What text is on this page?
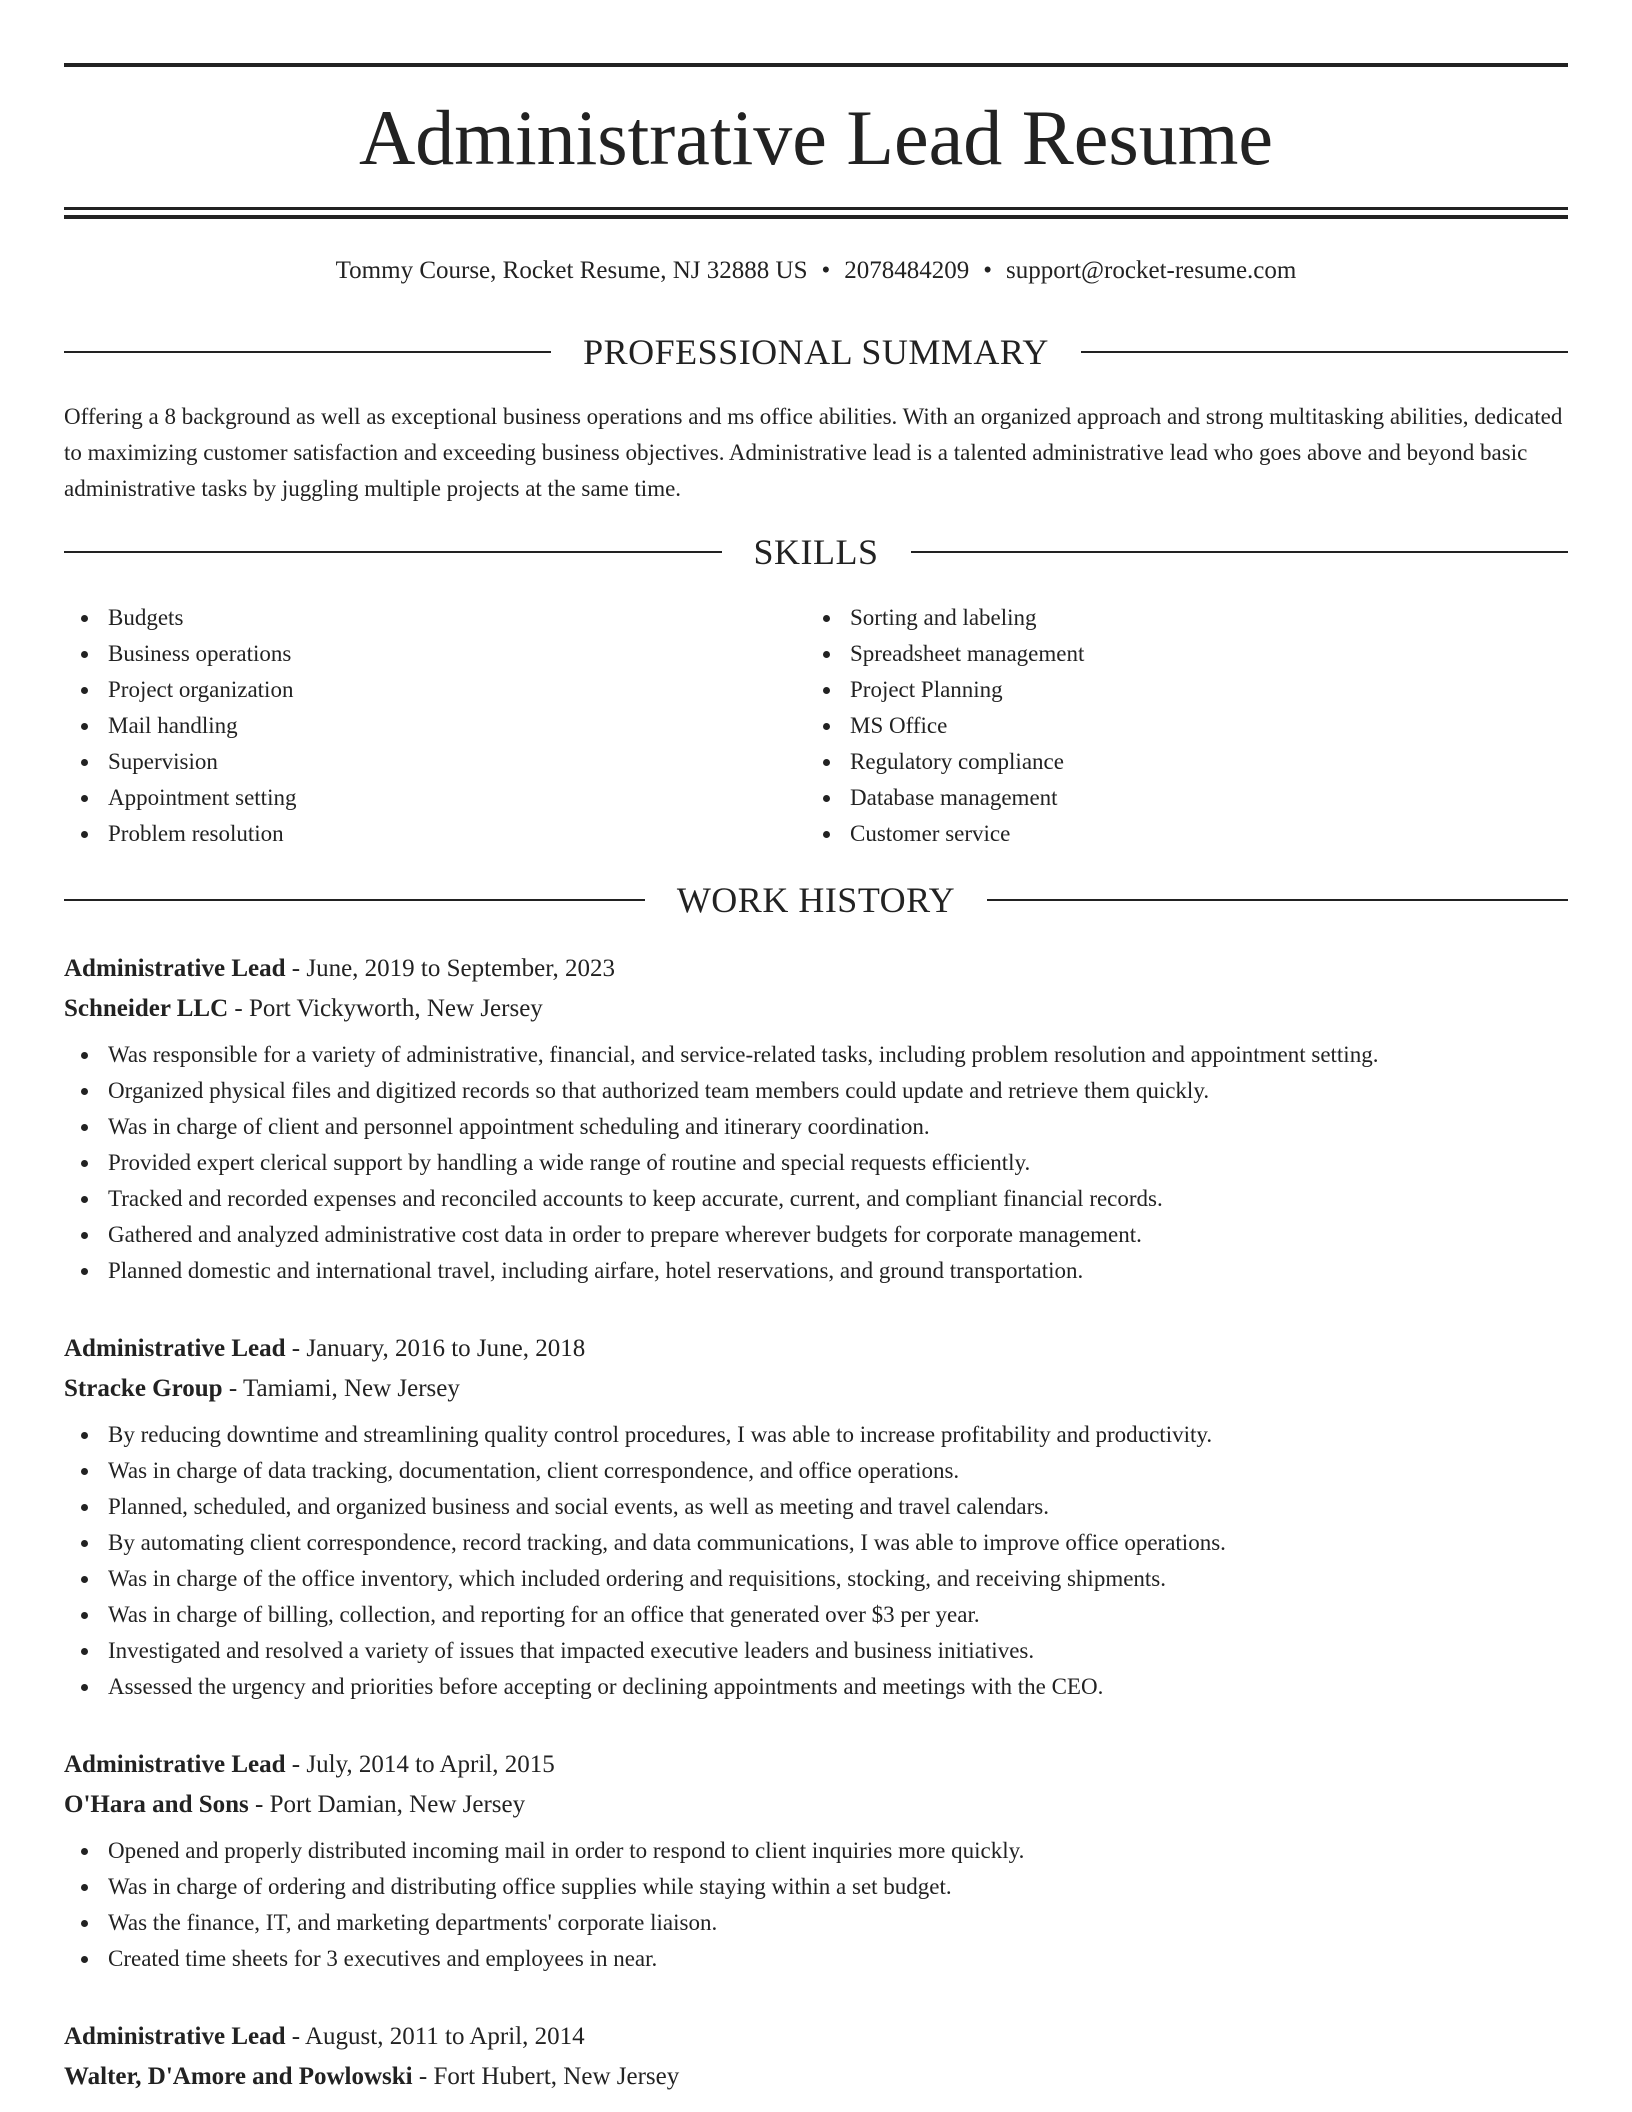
Administrative Lead Resume
Tommy Course, Rocket Resume, NJ 32888 US • 2078484209 • support@rocket-resume.com
PROFESSIONAL SUMMARY

Offering a 8 background as well as exceptional business operations and ms office abilities. With an organized approach and strong multitasking abilities, dedicated to maximizing customer satisfaction and exceeding business objectives. Administrative lead is a talented administrative lead who goes above and beyond basic administrative tasks by juggling multiple projects at the same time.

SKILLS
Budgets
Business operations
Project organization
Mail handling
Supervision
Appointment setting
Problem resolution
Sorting and labeling
Spreadsheet management
Project Planning
MS Office
Regulatory compliance
Database management
Customer service
WORK HISTORY
Administrative Lead - June, 2019 to September, 2023
Schneider LLC - Port Vickyworth, New Jersey
Was responsible for a variety of administrative, financial, and service-related tasks, including problem resolution and appointment setting.
Organized physical files and digitized records so that authorized team members could update and retrieve them quickly.
Was in charge of client and personnel appointment scheduling and itinerary coordination.
Provided expert clerical support by handling a wide range of routine and special requests efficiently.
Tracked and recorded expenses and reconciled accounts to keep accurate, current, and compliant financial records.
Gathered and analyzed administrative cost data in order to prepare wherever budgets for corporate management.
Planned domestic and international travel, including airfare, hotel reservations, and ground transportation.
Administrative Lead - January, 2016 to June, 2018
Stracke Group - Tamiami, New Jersey
By reducing downtime and streamlining quality control procedures, I was able to increase profitability and productivity.
Was in charge of data tracking, documentation, client correspondence, and office operations.
Planned, scheduled, and organized business and social events, as well as meeting and travel calendars.
By automating client correspondence, record tracking, and data communications, I was able to improve office operations.
Was in charge of the office inventory, which included ordering and requisitions, stocking, and receiving shipments.
Was in charge of billing, collection, and reporting for an office that generated over $3 per year.
Investigated and resolved a variety of issues that impacted executive leaders and business initiatives.
Assessed the urgency and priorities before accepting or declining appointments and meetings with the CEO.
Administrative Lead - July, 2014 to April, 2015
O'Hara and Sons - Port Damian, New Jersey
Opened and properly distributed incoming mail in order to respond to client inquiries more quickly.
Was in charge of ordering and distributing office supplies while staying within a set budget.
Was the finance, IT, and marketing departments' corporate liaison.
Created time sheets for 3 executives and employees in near.
Administrative Lead - August, 2011 to April, 2014
Walter, D'Amore and Powlowski - Fort Hubert, New Jersey
